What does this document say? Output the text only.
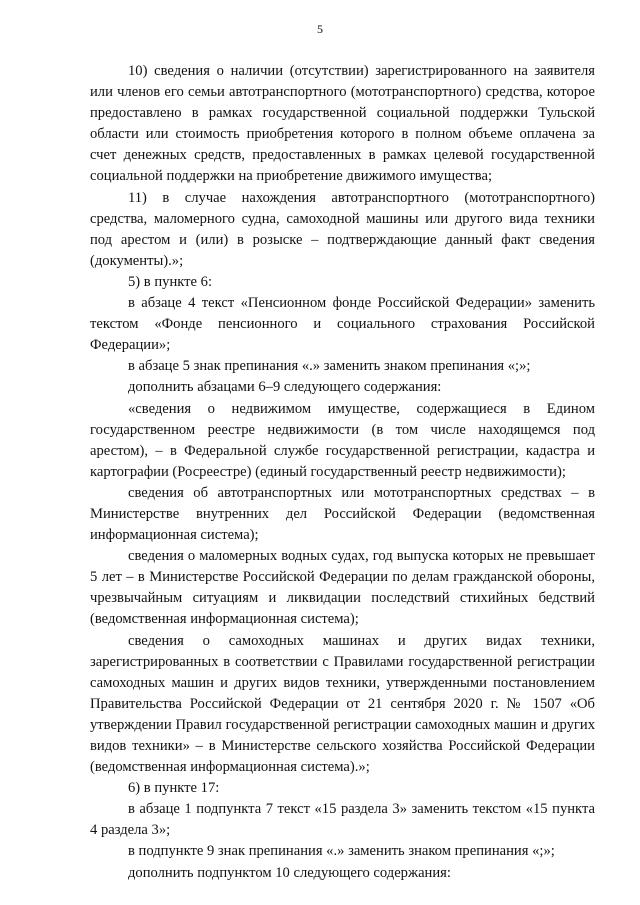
5

10) сведения о наличии (отсутствии) зарегистрированного на заявителя или членов его семьи автотранспортного (мототранспортного) средства, которое предоставлено в рамках государственной социальной поддержки Тульской области или стоимость приобретения которого в полном объеме оплачена за счет денежных средств, предоставленных в рамках целевой государственной социальной поддержки на приобретение движимого имущества;

11) в случае нахождения автотранспортного (мототранспортного) средства, маломерного судна, самоходной машины или другого вида техники под арестом и (или) в розыске – подтверждающие данный факт сведения (документы).»;

5) в пункте 6:

в абзаце 4 текст «Пенсионном фонде Российской Федерации» заменить текстом «Фонде пенсионного и социального страхования Российской Федерации»;

в абзаце 5 знак препинания «.» заменить знаком препинания «;»;

дополнить абзацами 6–9 следующего содержания:

«сведения о недвижимом имуществе, содержащиеся в Едином государственном реестре недвижимости (в том числе находящемся под арестом), – в Федеральной службе государственной регистрации, кадастра и картографии (Росреестре) (единый государственный реестр недвижимости);

сведения об автотранспортных или мототранспортных средствах – в Министерстве внутренних дел Российской Федерации (ведомственная информационная система);

сведения о маломерных водных судах, год выпуска которых не превышает 5 лет – в Министерстве Российской Федерации по делам гражданской обороны, чрезвычайным ситуациям и ликвидации последствий стихийных бедствий (ведомственная информационная система);

сведения о самоходных машинах и других видах техники, зарегистрированных в соответствии с Правилами государственной регистрации самоходных машин и других видов техники, утвержденными постановлением Правительства Российской Федерации от 21 сентября 2020 г. № 1507 «Об утверждении Правил государственной регистрации самоходных машин и других видов техники» – в Министерстве сельского хозяйства Российской Федерации (ведомственная информационная система).»;

6) в пункте 17:

в абзаце 1 подпункта 7 текст «15 раздела 3» заменить текстом «15 пункта 4 раздела 3»;

в подпункте 9 знак препинания «.» заменить знаком препинания «;»;

дополнить подпунктом 10 следующего содержания:
